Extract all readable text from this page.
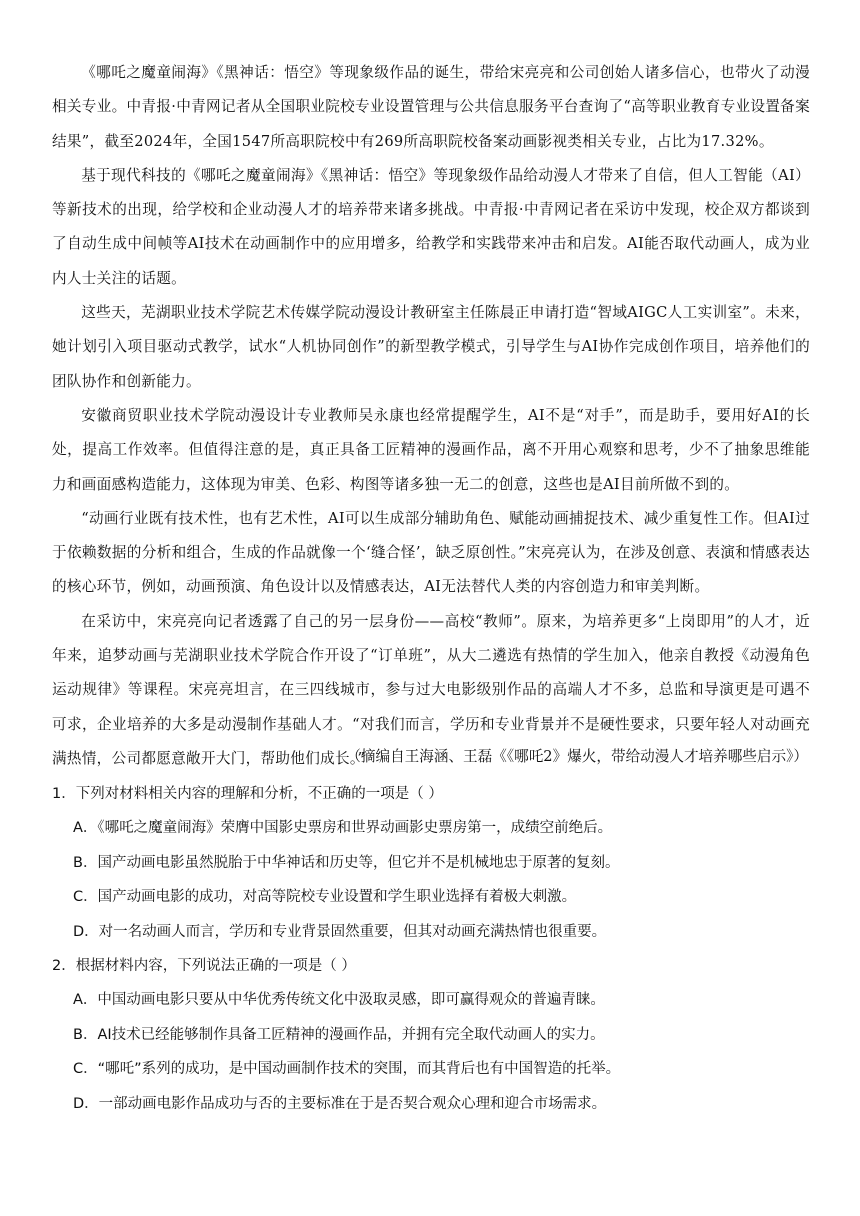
《哪吒之魔童闹海》《黑神话：悟空》等现象级作品的诞生，带给宋亮亮和公司创始人诸多信心，也带火了动漫相关专业。中青报·中青网记者从全国职业院校专业设置管理与公共信息服务平台查询了“高等职业教育专业设置备案结果”，截至2024年，全国1547所高职院校中有269所高职院校备案动画影视类相关专业，占比为17.32%。

基于现代科技的《哪吒之魔童闹海》《黑神话：悟空》等现象级作品给动漫人才带来了自信，但人工智能（AI）等新技术的出现，给学校和企业动漫人才的培养带来诸多挑战。中青报·中青网记者在采访中发现，校企双方都谈到了自动生成中间帧等AI技术在动画制作中的应用增多，给教学和实践带来冲击和启发。AI能否取代动画人，成为业内人士关注的话题。

这些天，芜湖职业技术学院艺术传媒学院动漫设计教研室主任陈晨正申请打造“智域AIGC人工实训室”。未来，她计划引入项目驱动式教学，试水“人机协同创作”的新型教学模式，引导学生与AI协作完成创作项目，培养他们的团队协作和创新能力。

安徽商贸职业技术学院动漫设计专业教师吴永康也经常提醒学生，AI不是“对手”，而是助手，要用好AI的长处，提高工作效率。但值得注意的是，真正具备工匠精神的漫画作品，离不开用心观察和思考，少不了抽象思维能力和画面感构造能力，这体现为审美、色彩、构图等诸多独一无二的创意，这些也是AI目前所做不到的。

“动画行业既有技术性，也有艺术性，AI可以生成部分辅助角色、赋能动画捕捉技术、减少重复性工作。但AI过于依赖数据的分析和组合，生成的作品就像一个‘缝合怪’，缺乏原创性。”宋亮亮认为，在涉及创意、表演和情感表达的核心环节，例如，动画预演、角色设计以及情感表达，AI无法替代人类的内容创造力和审美判断。

在采访中，宋亮亮向记者透露了自己的另一层身份——高校“教师”。原来，为培养更多“上岗即用”的人才，近年来，追梦动画与芜湖职业技术学院合作开设了“订单班”，从大二遴选有热情的学生加入，他亲自教授《动漫角色运动规律》等课程。宋亮亮坦言，在三四线城市，参与过大电影级别作品的高端人才不多，总监和导演更是可遇不可求，企业培养的大多是动漫制作基础人才。“对我们而言，学历和专业背景并不是硬性要求，只要年轻人对动画充满热情，公司都愿意敞开大门，帮助他们成长。”

（摘编自王海涵、王磊《《哪吒2》爆火，带给动漫人才培养哪些启示》）

1．下列对材料相关内容的理解和分析，不正确的一项是（ ）

A．《哪吒之魔童闹海》荣膺中国影史票房和世界动画影史票房第一，成绩空前绝后。
B．国产动画电影虽然脱胎于中华神话和历史等，但它并不是机械地忠于原著的复刻。
C．国产动画电影的成功，对高等院校专业设置和学生职业选择有着极大刺激。
D．对一名动画人而言，学历和专业背景固然重要，但其对动画充满热情也很重要。

2．根据材料内容，下列说法正确的一项是（ ）

A．中国动画电影只要从中华优秀传统文化中汲取灵感，即可赢得观众的普遍青睐。
B．AI技术已经能够制作具备工匠精神的漫画作品，并拥有完全取代动画人的实力。
C．“哪吒”系列的成功，是中国动画制作技术的突围，而其背后也有中国智造的托举。
D．一部动画电影作品成功与否的主要标准在于是否契合观众心理和迎合市场需求。
